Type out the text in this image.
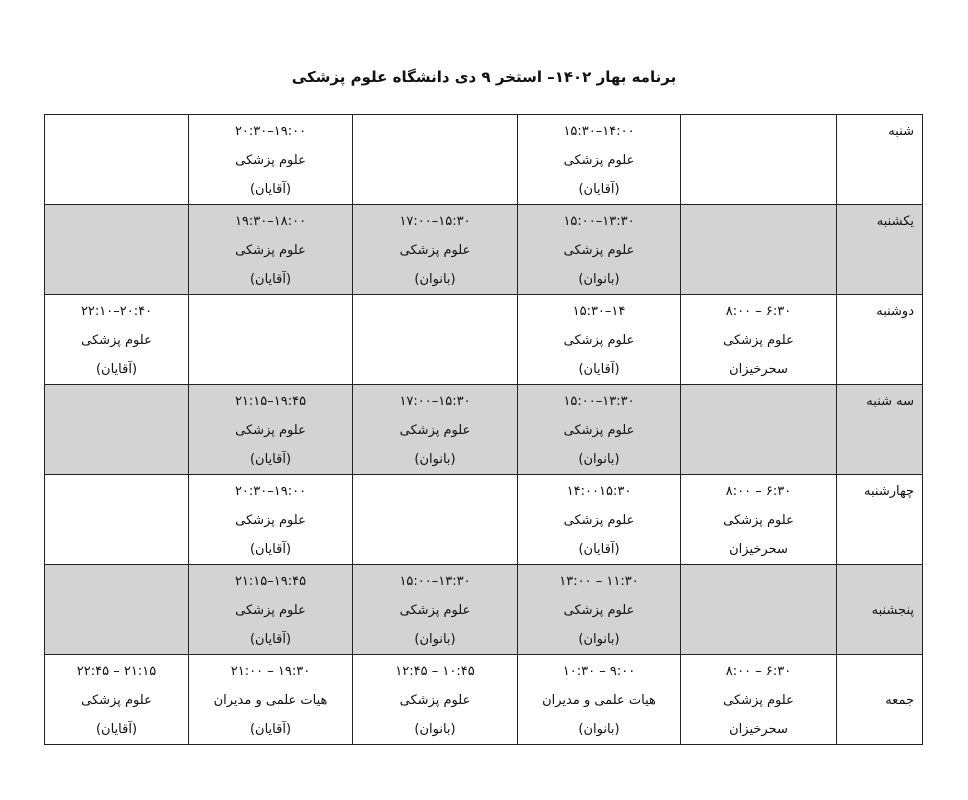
برنامه بهار ۱۴۰۲– استخر ۹ دی دانشگاه علوم پزشکی
شنبه		۱۴:۰۰–۱۵:۳۰
علوم پزشکی
(آقایان)		۱۹:۰۰–۲۰:۳۰
علوم پزشکی
(آقایان)	

یکشنبه		۱۳:۳۰–۱۵:۰۰
علوم پزشکی
(بانوان)	۱۵:۳۰–۱۷:۰۰
علوم پزشکی
(بانوان)	۱۸:۰۰–۱۹:۳۰
علوم پزشکی
(آقایان)	

دوشنبه	۶:۳۰ – ۸:۰۰
علوم پزشکی
سحرخیزان	۱۴–۱۵:۳۰
علوم پزشکی
(آقایان)			۲۰:۴۰–۲۲:۱۰
علوم پزشکی
(آقایان)

سه شنبه		۱۳:۳۰–۱۵:۰۰
علوم پزشکی
(بانوان)	۱۵:۳۰–۱۷:۰۰
علوم پزشکی
(بانوان)	۱۹:۴۵–۲۱:۱۵
علوم پزشکی
(آقایان)	

چهارشنبه	۶:۳۰ – ۸:۰۰
علوم پزشکی
سحرخیزان	۱۴:۰۰۱۵:۳۰
علوم پزشکی
(آقایان)		۱۹:۰۰–۲۰:۳۰
علوم پزشکی
(آقایان)	

پنجشنبه		۱۱:۳۰ – ۱۳:۰۰
علوم پزشکی
(بانوان)	۱۳:۳۰–۱۵:۰۰
علوم پزشکی
(بانوان)	۱۹:۴۵–۲۱:۱۵
علوم پزشکی
(آقایان)	

جمعه	۶:۳۰ – ۸:۰۰
علوم پزشکی
سحرخیزان	۹:۰۰ – ۱۰:۳۰
هیات علمی و مدیران
(بانوان)	۱۰:۴۵ – ۱۲:۴۵
علوم پزشکی
(بانوان)	۱۹:۳۰ – ۲۱:۰۰
هیات علمی و مدیران
(آقایان)	۲۱:۱۵ – ۲۲:۴۵
علوم پزشکی
(آقایان)
